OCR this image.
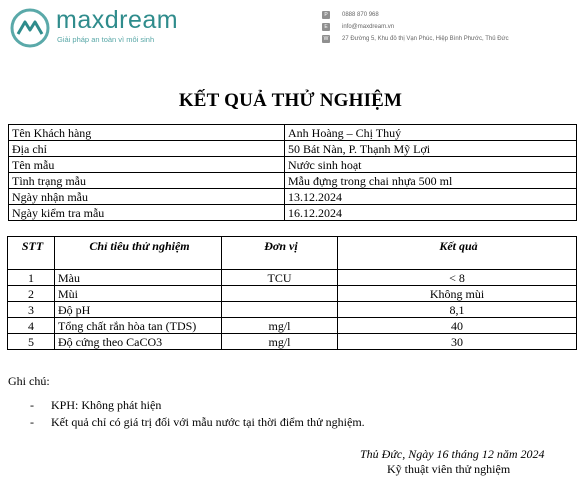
maxdream
Giải pháp an toàn vì môi sinh
P	0888 870 968
E	info@maxdream.vn
W 27 Đường 5, Khu đô thị Vạn Phúc, Hiệp Bình Phước, Thủ Đức
KẾT QUẢ THỬ NGHIỆM
Tên Khách hàng	Anh Hoàng – Chị Thuý
Địa chỉ	50 Bát Nàn, P. Thạnh Mỹ Lợi
Tên mẫu	Nước sinh hoạt
Tình trạng mẫu	Mẫu đựng trong chai nhựa 500 ml
Ngày nhận mẫu	13.12.2024
Ngày kiểm tra mẫu	16.12.2024
STT	Chỉ tiêu thử nghiệm	Đơn vị	Kết quả
1	Màu	TCU	< 8
2	Mùi		Không mùi
3	Độ pH		8,1
4	Tổng chất rắn hòa tan (TDS)	mg/l	40
5	Độ cứng theo CaCO3	mg/l	30
Ghi chú:
-	KPH: Không phát hiện
-	Kết quả chỉ có giá trị đối với mẫu nước tại thời điểm thử nghiệm.
Thủ Đức, Ngày 16 tháng 12 năm 2024
Kỹ thuật viên thử nghiệm
